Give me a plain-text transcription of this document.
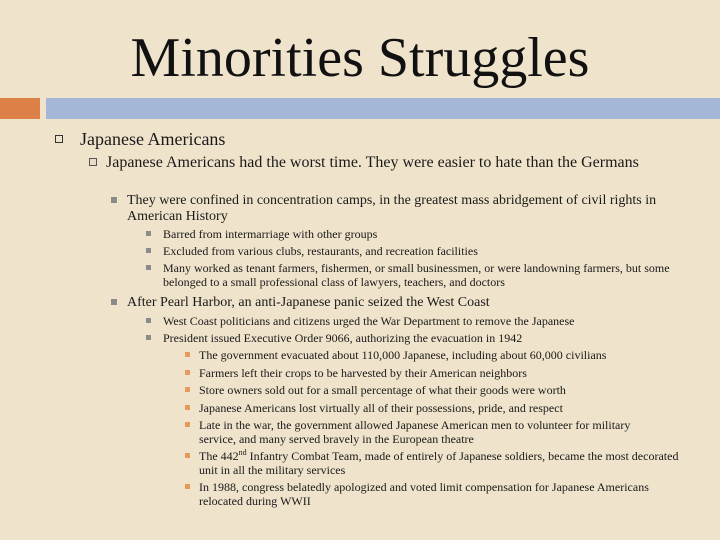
Minorities Struggles
Japanese Americans
Japanese Americans had the worst time. They were easier to hate than the Germans
They were confined in concentration camps, in the greatest mass abridgement of civil rights in American History
Barred from intermarriage with other groups
Excluded from various clubs, restaurants, and recreation facilities
Many worked as tenant farmers, fishermen, or small businessmen, or were landowning farmers, but some belonged to a small professional class of lawyers, teachers, and doctors
After Pearl Harbor, an anti-Japanese panic seized the West Coast
West Coast politicians and citizens urged the War Department to remove the Japanese
President issued Executive Order 9066, authorizing the evacuation in 1942
The government evacuated about 110,000 Japanese, including about 60,000 civilians
Farmers left their crops to be harvested by their American neighbors
Store owners sold out for a small percentage of what their goods were worth
Japanese Americans lost virtually all of their possessions, pride, and respect
Late in the war, the government allowed Japanese American men to volunteer for military service, and many served bravely in the European theatre
The 442nd Infantry Combat Team, made of entirely of Japanese soldiers, became the most decorated unit in all the military services
In 1988, congress belatedly apologized and voted limit compensation for Japanese Americans relocated during WWII
